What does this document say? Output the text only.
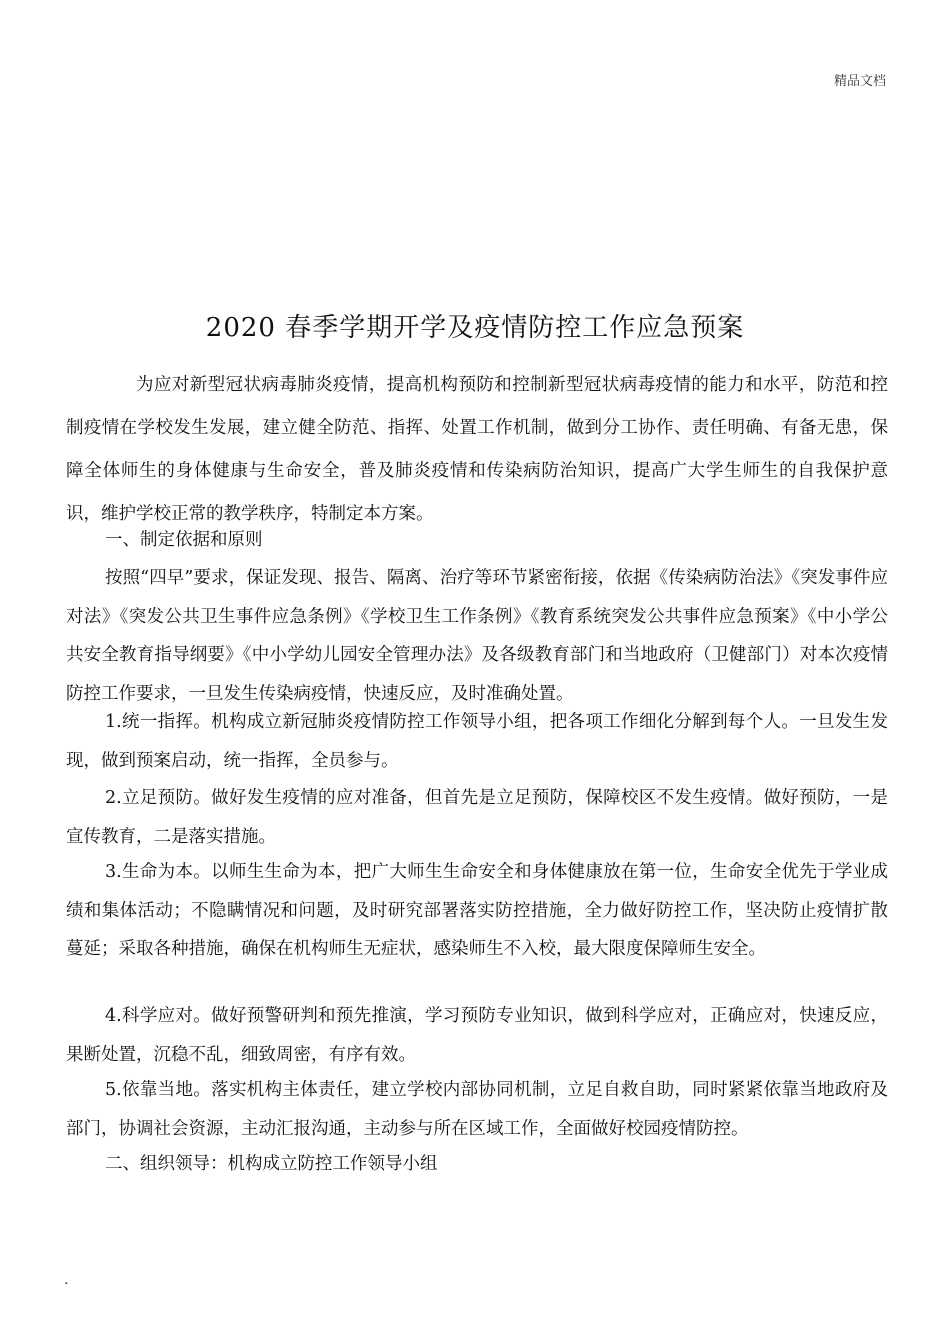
精品文档
2020 春季学期开学及疫情防控工作应急预案
为应对新型冠状病毒肺炎疫情，提高机构预防和控制新型冠状病毒疫情的能力和水平，防范和控制疫情在学校发生发展，建立健全防范、指挥、处置工作机制，做到分工协作、责任明确、有备无患，保障全体师生的身体健康与生命安全，普及肺炎疫情和传染病防治知识，提高广大学生师生的自我保护意识，维护学校正常的教学秩序，特制定本方案。
一、制定依据和原则
按照“四早”要求，保证发现、报告、隔离、治疗等环节紧密衔接，依据《传染病防治法》《突发事件应对法》《突发公共卫生事件应急条例》《学校卫生工作条例》《教育系统突发公共事件应急预案》《中小学公共安全教育指导纲要》《中小学幼儿园安全管理办法》及各级教育部门和当地政府（卫健部门）对本次疫情防控工作要求，一旦发生传染病疫情，快速反应，及时准确处置。
1.统一指挥。机构成立新冠肺炎疫情防控工作领导小组，把各项工作细化分解到每个人。一旦发生发现，做到预案启动，统一指挥，全员参与。
2.立足预防。做好发生疫情的应对准备，但首先是立足预防，保障校区不发生疫情。做好预防，一是宣传教育，二是落实措施。
3.生命为本。以师生生命为本，把广大师生生命安全和身体健康放在第一位，生命安全优先于学业成绩和集体活动；不隐瞒情况和问题，及时研究部署落实防控措施，全力做好防控工作，坚决防止疫情扩散蔓延；采取各种措施，确保在机构师生无症状，感染师生不入校，最大限度保障师生安全。
4.科学应对。做好预警研判和预先推演，学习预防专业知识，做到科学应对，正确应对，快速反应，果断处置，沉稳不乱，细致周密，有序有效。
5.依靠当地。落实机构主体责任，建立学校内部协同机制，立足自救自助，同时紧紧依靠当地政府及部门，协调社会资源，主动汇报沟通，主动参与所在区域工作，全面做好校园疫情防控。
二、组织领导：机构成立防控工作领导小组
.
